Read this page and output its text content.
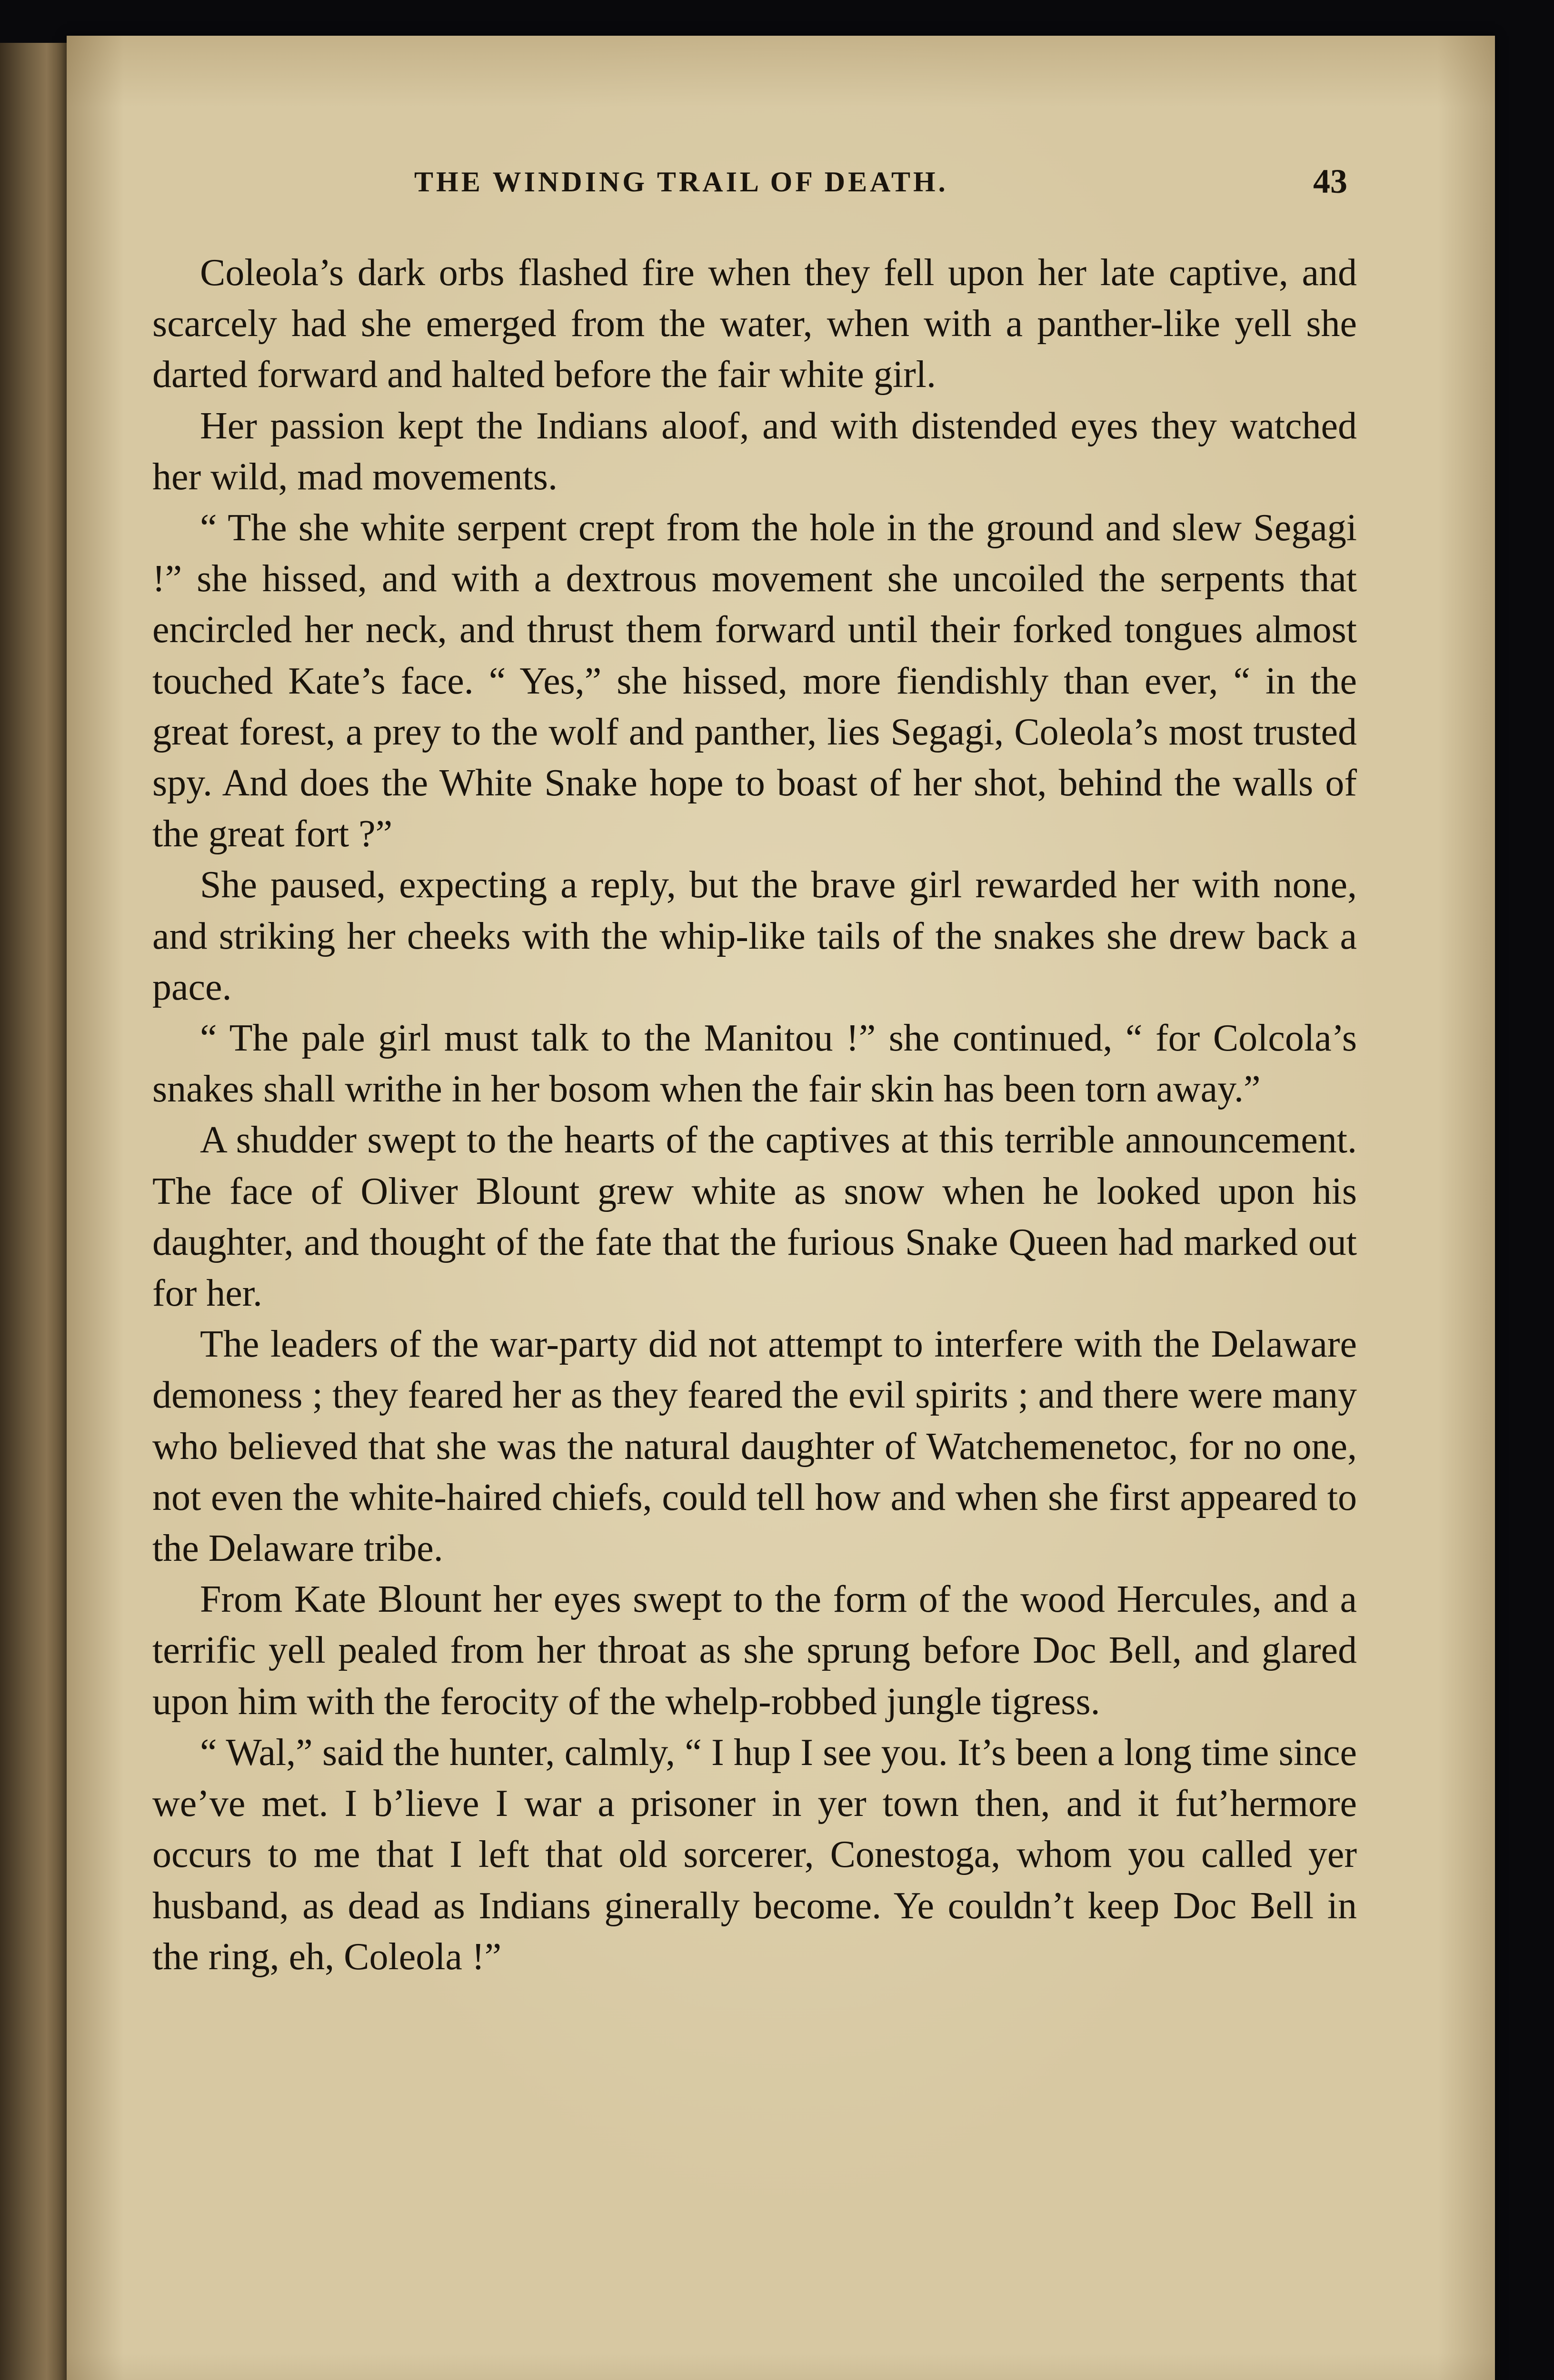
THE WINDING TRAIL OF DEATH.	43

Coleola’s dark orbs flashed fire when they fell upon her late captive, and scarcely had she emerged from the water, when with a panther-like yell she darted forward and halted before the fair white girl.

Her passion kept the Indians aloof, and with distended eyes they watched her wild, mad movements.

“ The she white serpent crept from the hole in the ground and slew Segagi !” she hissed, and with a dextrous movement she uncoiled the serpents that encircled her neck, and thrust them forward until their forked tongues almost touched Kate’s face. “ Yes,” she hissed, more fiendishly than ever, “ in the great forest, a prey to the wolf and panther, lies Segagi, Coleola’s most trusted spy. And does the White Snake hope to boast of her shot, behind the walls of the great fort ?”

She paused, expecting a reply, but the brave girl rewarded her with none, and striking her cheeks with the whip-like tails of the snakes she drew back a pace.

“ The pale girl must talk to the Manitou !” she continued, “ for Colcola’s snakes shall writhe in her bosom when the fair skin has been torn away.”

A shudder swept to the hearts of the captives at this terrible announcement. The face of Oliver Blount grew white as snow when he looked upon his daughter, and thought of the fate that the furious Snake Queen had marked out for her.

The leaders of the war-party did not attempt to interfere with the Delaware demoness ; they feared her as they feared the evil spirits ; and there were many who believed that she was the natural daughter of Watchemenetoc, for no one, not even the white-haired chiefs, could tell how and when she first appeared to the Delaware tribe.

From Kate Blount her eyes swept to the form of the wood Hercules, and a terrific yell pealed from her throat as she sprung before Doc Bell, and glared upon him with the ferocity of the whelp-robbed jungle tigress.

“ Wal,” said the hunter, calmly, “ I hup I see you. It’s been a long time since we’ve met. I b’lieve I war a prisoner in yer town then, and it fut’hermore occurs to me that I left that old sorcerer, Conestoga, whom you called yer husband, as dead as Indians ginerally become. Ye couldn’t keep Doc Bell in the ring, eh, Coleola !”
